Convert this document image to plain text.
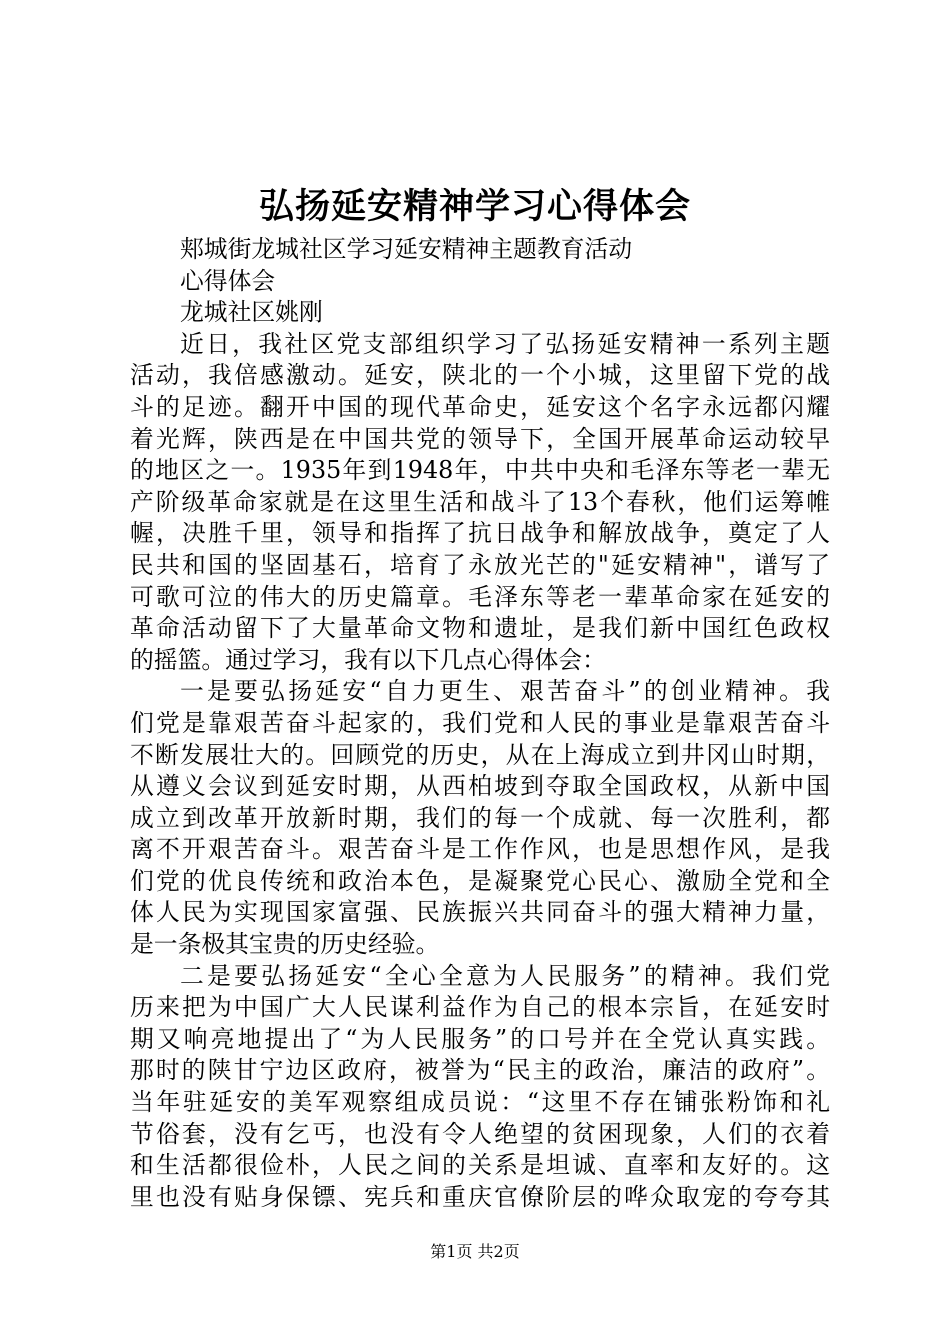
弘扬延安精神学习心得体会
郏城街龙城社区学习延安精神主题教育活动
心得体会
龙城社区姚刚
近日，我社区党支部组织学习了弘扬延安精神一系列主题
活动，我倍感激动。延安，陕北的一个小城，这里留下党的战
斗的足迹。翻开中国的现代革命史，延安这个名字永远都闪耀
着光辉，陕西是在中国共党的领导下，全国开展革命运动较早
的地区之一。1935年到1948年，中共中央和毛泽东等老一辈无
产阶级革命家就是在这里生活和战斗了13个春秋，他们运筹帷
幄，决胜千里，领导和指挥了抗日战争和解放战争，奠定了人
民共和国的坚固基石，培育了永放光芒的"延安精神"，谱写了
可歌可泣的伟大的历史篇章。毛泽东等老一辈革命家在延安的
革命活动留下了大量革命文物和遗址，是我们新中国红色政权
的摇篮。通过学习，我有以下几点心得体会：
一是要弘扬延安“自力更生、艰苦奋斗”的创业精神。我
们党是靠艰苦奋斗起家的，我们党和人民的事业是靠艰苦奋斗
不断发展壮大的。回顾党的历史，从在上海成立到井冈山时期，
从遵义会议到延安时期，从西柏坡到夺取全国政权，从新中国
成立到改革开放新时期，我们的每一个成就、每一次胜利，都
离不开艰苦奋斗。艰苦奋斗是工作作风，也是思想作风，是我
们党的优良传统和政治本色，是凝聚党心民心、激励全党和全
体人民为实现国家富强、民族振兴共同奋斗的强大精神力量，
是一条极其宝贵的历史经验。
二是要弘扬延安“全心全意为人民服务”的精神。我们党
历来把为中国广大人民谋利益作为自己的根本宗旨，在延安时
期又响亮地提出了“为人民服务”的口号并在全党认真实践。
那时的陕甘宁边区政府，被誉为“民主的政治，廉洁的政府”。
当年驻延安的美军观察组成员说：“这里不存在铺张粉饰和礼
节俗套，没有乞丐，也没有令人绝望的贫困现象，人们的衣着
和生活都很俭朴，人民之间的关系是坦诚、直率和友好的。这
里也没有贴身保镖、宪兵和重庆官僚阶层的哗众取宠的夸夸其
第1页 共2页
